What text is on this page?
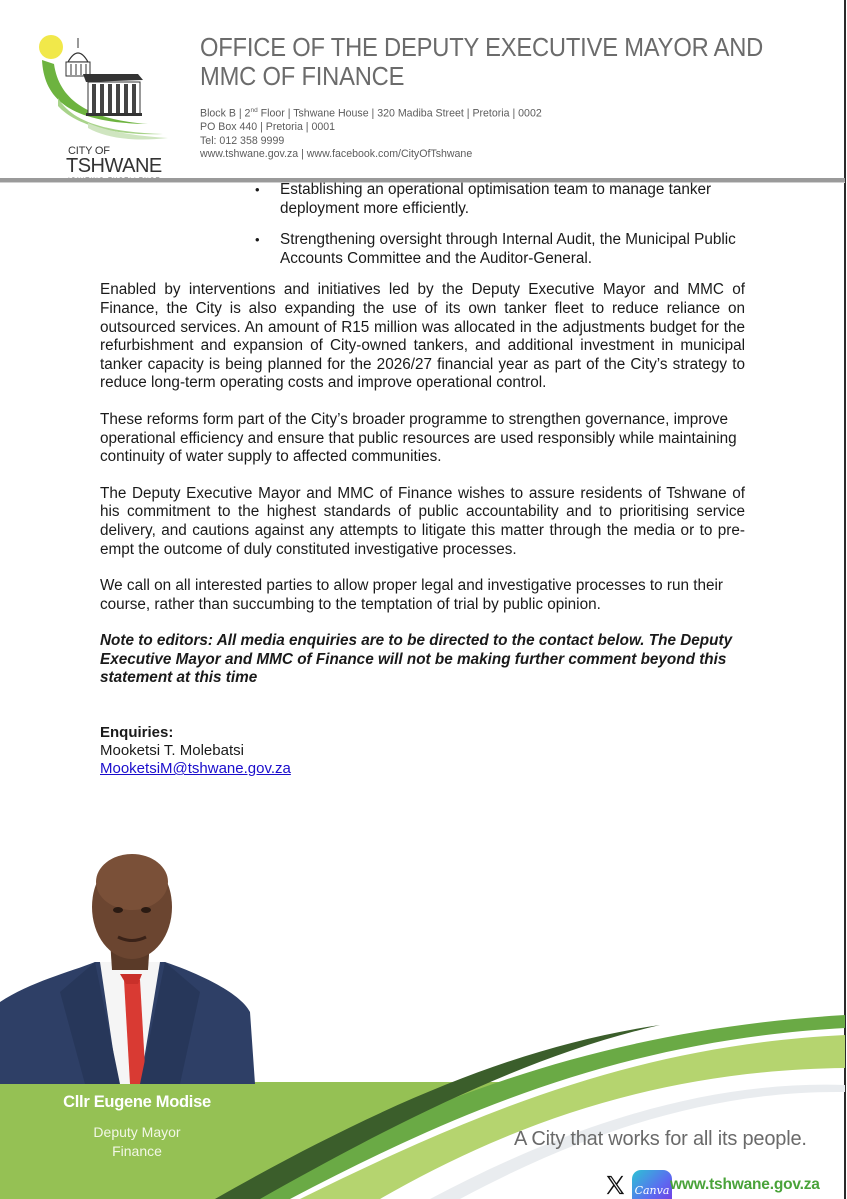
CITY OF
TSHWANE
OFFICE OF THE DEPUTY EXECUTIVE MAYOR AND
MMC OF FINANCE
Block B | 2nd Floor | Tshwane House | 320 Madiba Street | Pretoria | 0002
PO Box 440 | Pretoria | 0001
Tel: 012 358 9999
www.tshwane.gov.za | www.facebook.com/CityOfTshwane
• Establishing an operational optimisation team to manage tanker deployment more efficiently.
• Strengthening oversight through Internal Audit, the Municipal Public Accounts Committee and the Auditor-General.

Enabled by interventions and initiatives led by the Deputy Executive Mayor and MMC of Finance, the City is also expanding the use of its own tanker fleet to reduce reliance on outsourced services. An amount of R15 million was allocated in the adjustments budget for the refurbishment and expansion of City-owned tankers, and additional investment in municipal tanker capacity is being planned for the 2026/27 financial year as part of the City’s strategy to reduce long-term operating costs and improve operational control.

These reforms form part of the City’s broader programme to strengthen governance, improve operational efficiency and ensure that public resources are used responsibly while maintaining continuity of water supply to affected communities.

The Deputy Executive Mayor and MMC of Finance wishes to assure residents of Tshwane of his commitment to the highest standards of public accountability and to prioritising service delivery, and cautions against any attempts to litigate this matter through the media or to pre-empt the outcome of duly constituted investigative processes.

We call on all interested parties to allow proper legal and investigative processes to run their course, rather than succumbing to the temptation of trial by public opinion.

Note to editors: All media enquiries are to be directed to the contact below. The Deputy Executive Mayor and MMC of Finance will not be making further comment beyond this statement at this time

Enquiries:
Mooketsi T. Molebatsi
MooketsiM@tshwane.gov.za
Cllr Eugene Modise
Deputy Mayor
Finance
A City that works for all its people.
Canva www.tshwane.gov.za
